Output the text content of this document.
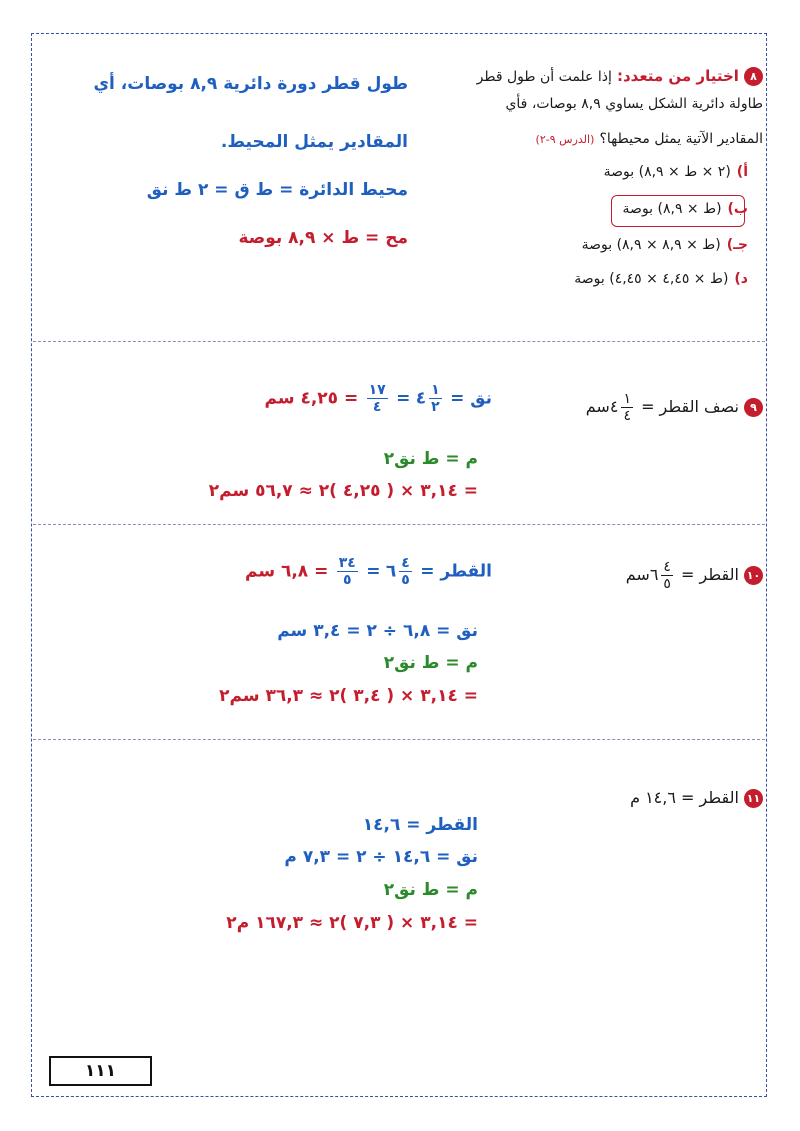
٨ اختيار من متعدد: إذا علمت أن طول قطر
طاولة دائرية الشكل يساوي ٨,٩ بوصات، فأي
المقادير الآتية يمثل محيطها؟ (الدرس ٩-٢)
أ)(٢ × ط × ٨,٩) بوصة
ب)(ط × ٨,٩) بوصة
جـ)(ط × ٨,٩ × ٨,٩) بوصة
د)(ط × ٤,٤٥ × ٤,٤٥) بوصة
طول قطر دورة دائرية ٨,٩ بوصات، أي
المقادير يمثل المحيط.
محيط الدائرة = ط ق = ٢ ط نق
مح = ط × ٨,٩ بوصة
٩ نصف القطر =
$\frac{١}{٤}$
٤سم
نق =
$\frac{١}{٢}$
٤ =
$\frac{١٧}{٤}$
= ٤,٢٥ سم
م = ط نق٢
= ٣,١٤ × ( ٤,٢٥ )٢ ≈ ٥٦,٧ سم٢
١٠ القطر =
$\frac{٤}{٥}$
٦سم
القطر =
$\frac{٤}{٥}$
٦ =
$\frac{٣٤}{٥}$
= ٦,٨ سم
نق = ٦,٨ ÷ ٢ = ٣,٤ سم
م = ط نق٢
= ٣,١٤ × ( ٣,٤ )٢ ≈ ٣٦,٣ سم٢
١١ القطر = ١٤,٦ م
القطر = ١٤,٦
نق = ١٤,٦ ÷ ٢ = ٧,٣ م
م = ط نق٢
= ٣,١٤ × ( ٧,٣ )٢ ≈ ١٦٧,٣ م٢
١١١
